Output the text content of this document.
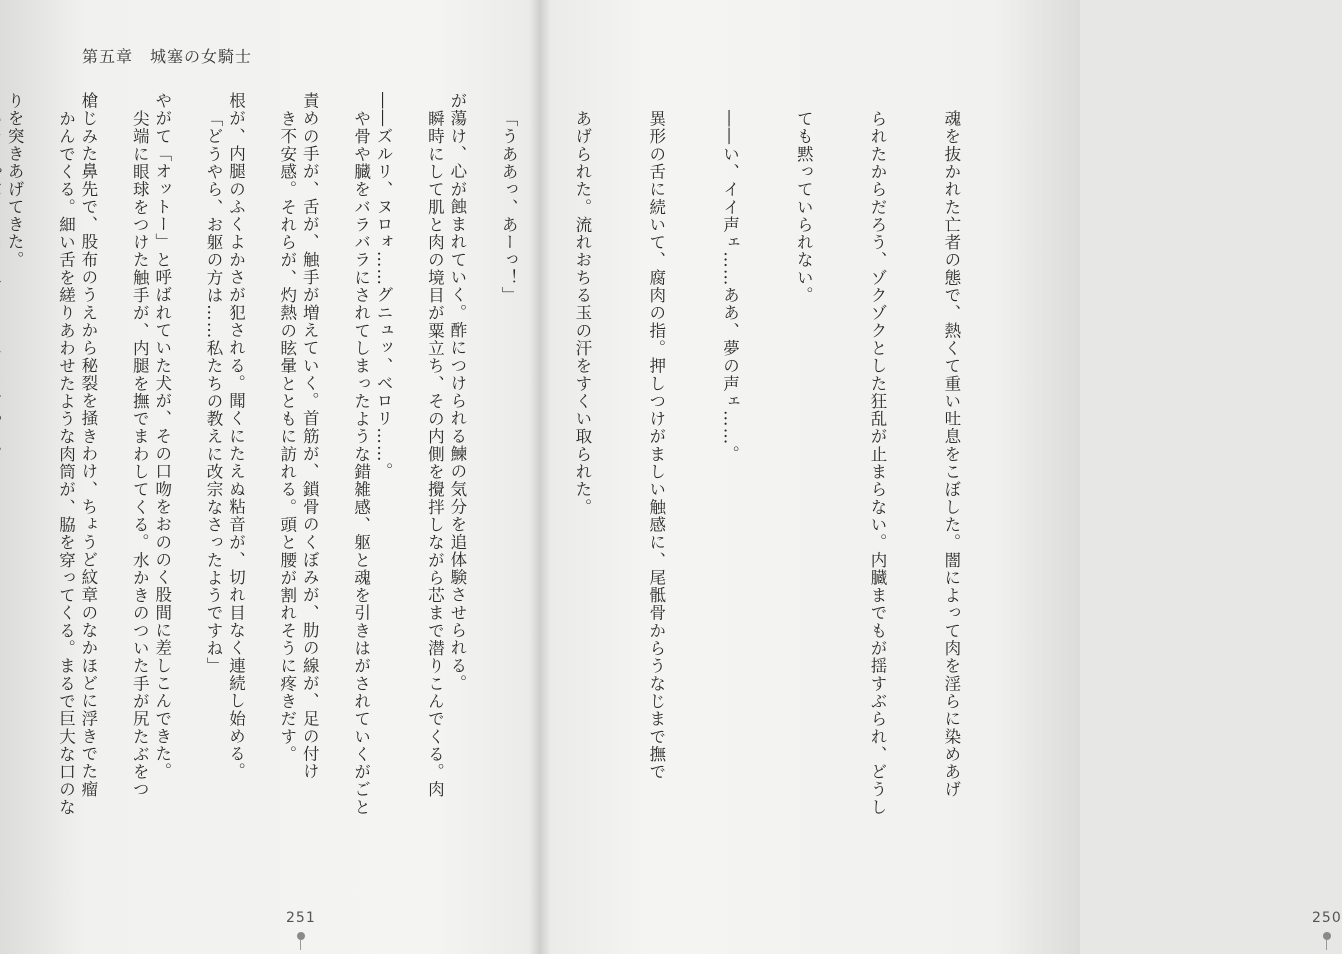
第五章　城塞の女騎士

が蕩け、心が蝕まれていく。酢につけられる鰊の気分を追体験させられる。

――ズルリ、ヌロォ……グニュッ、ベロリ……。

責めの手が、舌が、触手が増えていく。首筋が、鎖骨のくぼみが、肋の線が、足の付け

根が、内腿のふくよかさが犯される。聞くにたえぬ粘音が、切れ目なく連続し始める。

やがて「オットー」と呼ばれていた犬が、その口吻をおののく股間に差しこんできた。

槍じみた鼻先で、股布のうえから秘裂を掻きわけ、ちょうど紋章のなかほどに浮きでた瘤

りを突きあげてきた。

251

魂を抜かれた亡者の態で、熱くて重い吐息をこぼした。闇によって肉を淫らに染めあげ

られたからだろう、ゾクゾクとした狂乱が止まらない。内臓までもが揺すぶられ、どうし

ても黙っていられない。

――い、イイ声ェ……ああ、夢の声ェ……。

異形の舌に続いて、腐肉の指。押しつけがましい触感に、尾骶骨からうなじまで撫で

あげられた。流れおちる玉の汗をすくい取られた。

「うああっ、あーっ！」

瞬時にして肌と肉の境目が粟立ち、その内側を攪拌しながら芯まで潜りこんでくる。肉

や骨や臓をバラバラにされてしまったような錯雑感、躯と魂を引きはがされていくがごと

き不安感。それらが、灼熱の眩暈とともに訪れる。頭と腰が割れそうに疼きだす。

「どうやら、お躯の方は……私たちの教えに改宗なさったようですね」

尖端に眼球をつけた触手が、内腿を撫でまわしてくる。水かきのついた手が尻たぶをつ

かんでくる。細い舌を縒りあわせたような肉筒が、脇を穿ってくる。まるで巨大な口のな

250
